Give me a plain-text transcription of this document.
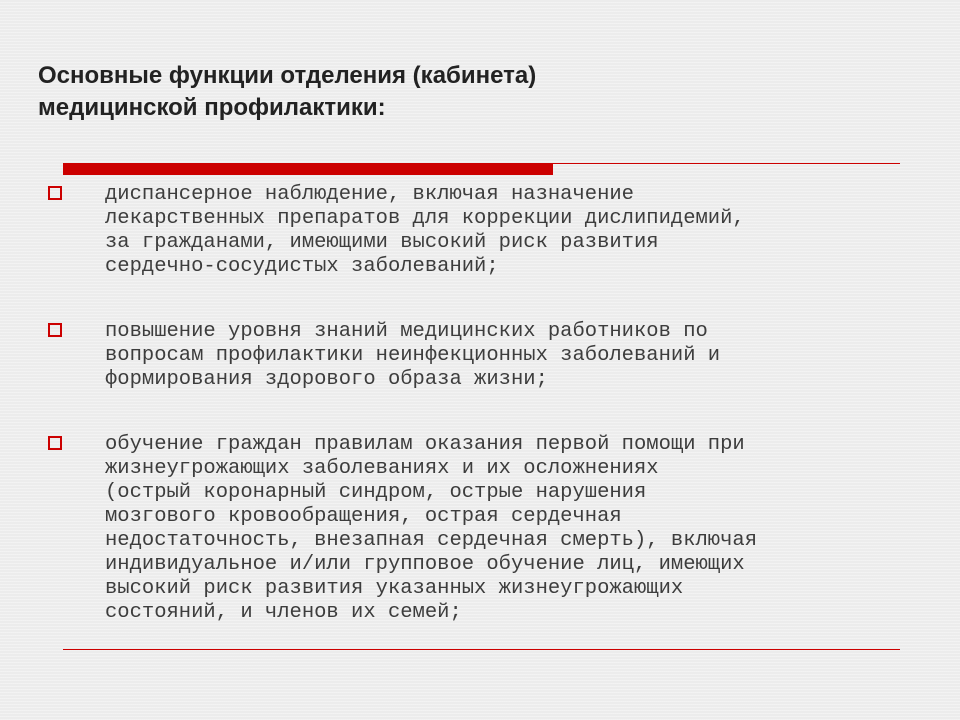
Основные функции отделения (кабинета)
медицинской профилактики:
диспансерное наблюдение, включая назначение
лекарственных препаратов для коррекции дислипидемий,
за гражданами, имеющими высокий риск развития
сердечно-сосудистых заболеваний;
повышение уровня знаний медицинских работников по
вопросам профилактики неинфекционных заболеваний и
формирования здорового образа жизни;
обучение граждан правилам оказания первой помощи при
жизнеугрожающих заболеваниях и их осложнениях
(острый коронарный синдром, острые нарушения
мозгового кровообращения, острая сердечная
недостаточность, внезапная сердечная смерть), включая
индивидуальное и/или групповое обучение лиц, имеющих
высокий риск развития указанных жизнеугрожающих
состояний, и членов их семей;
